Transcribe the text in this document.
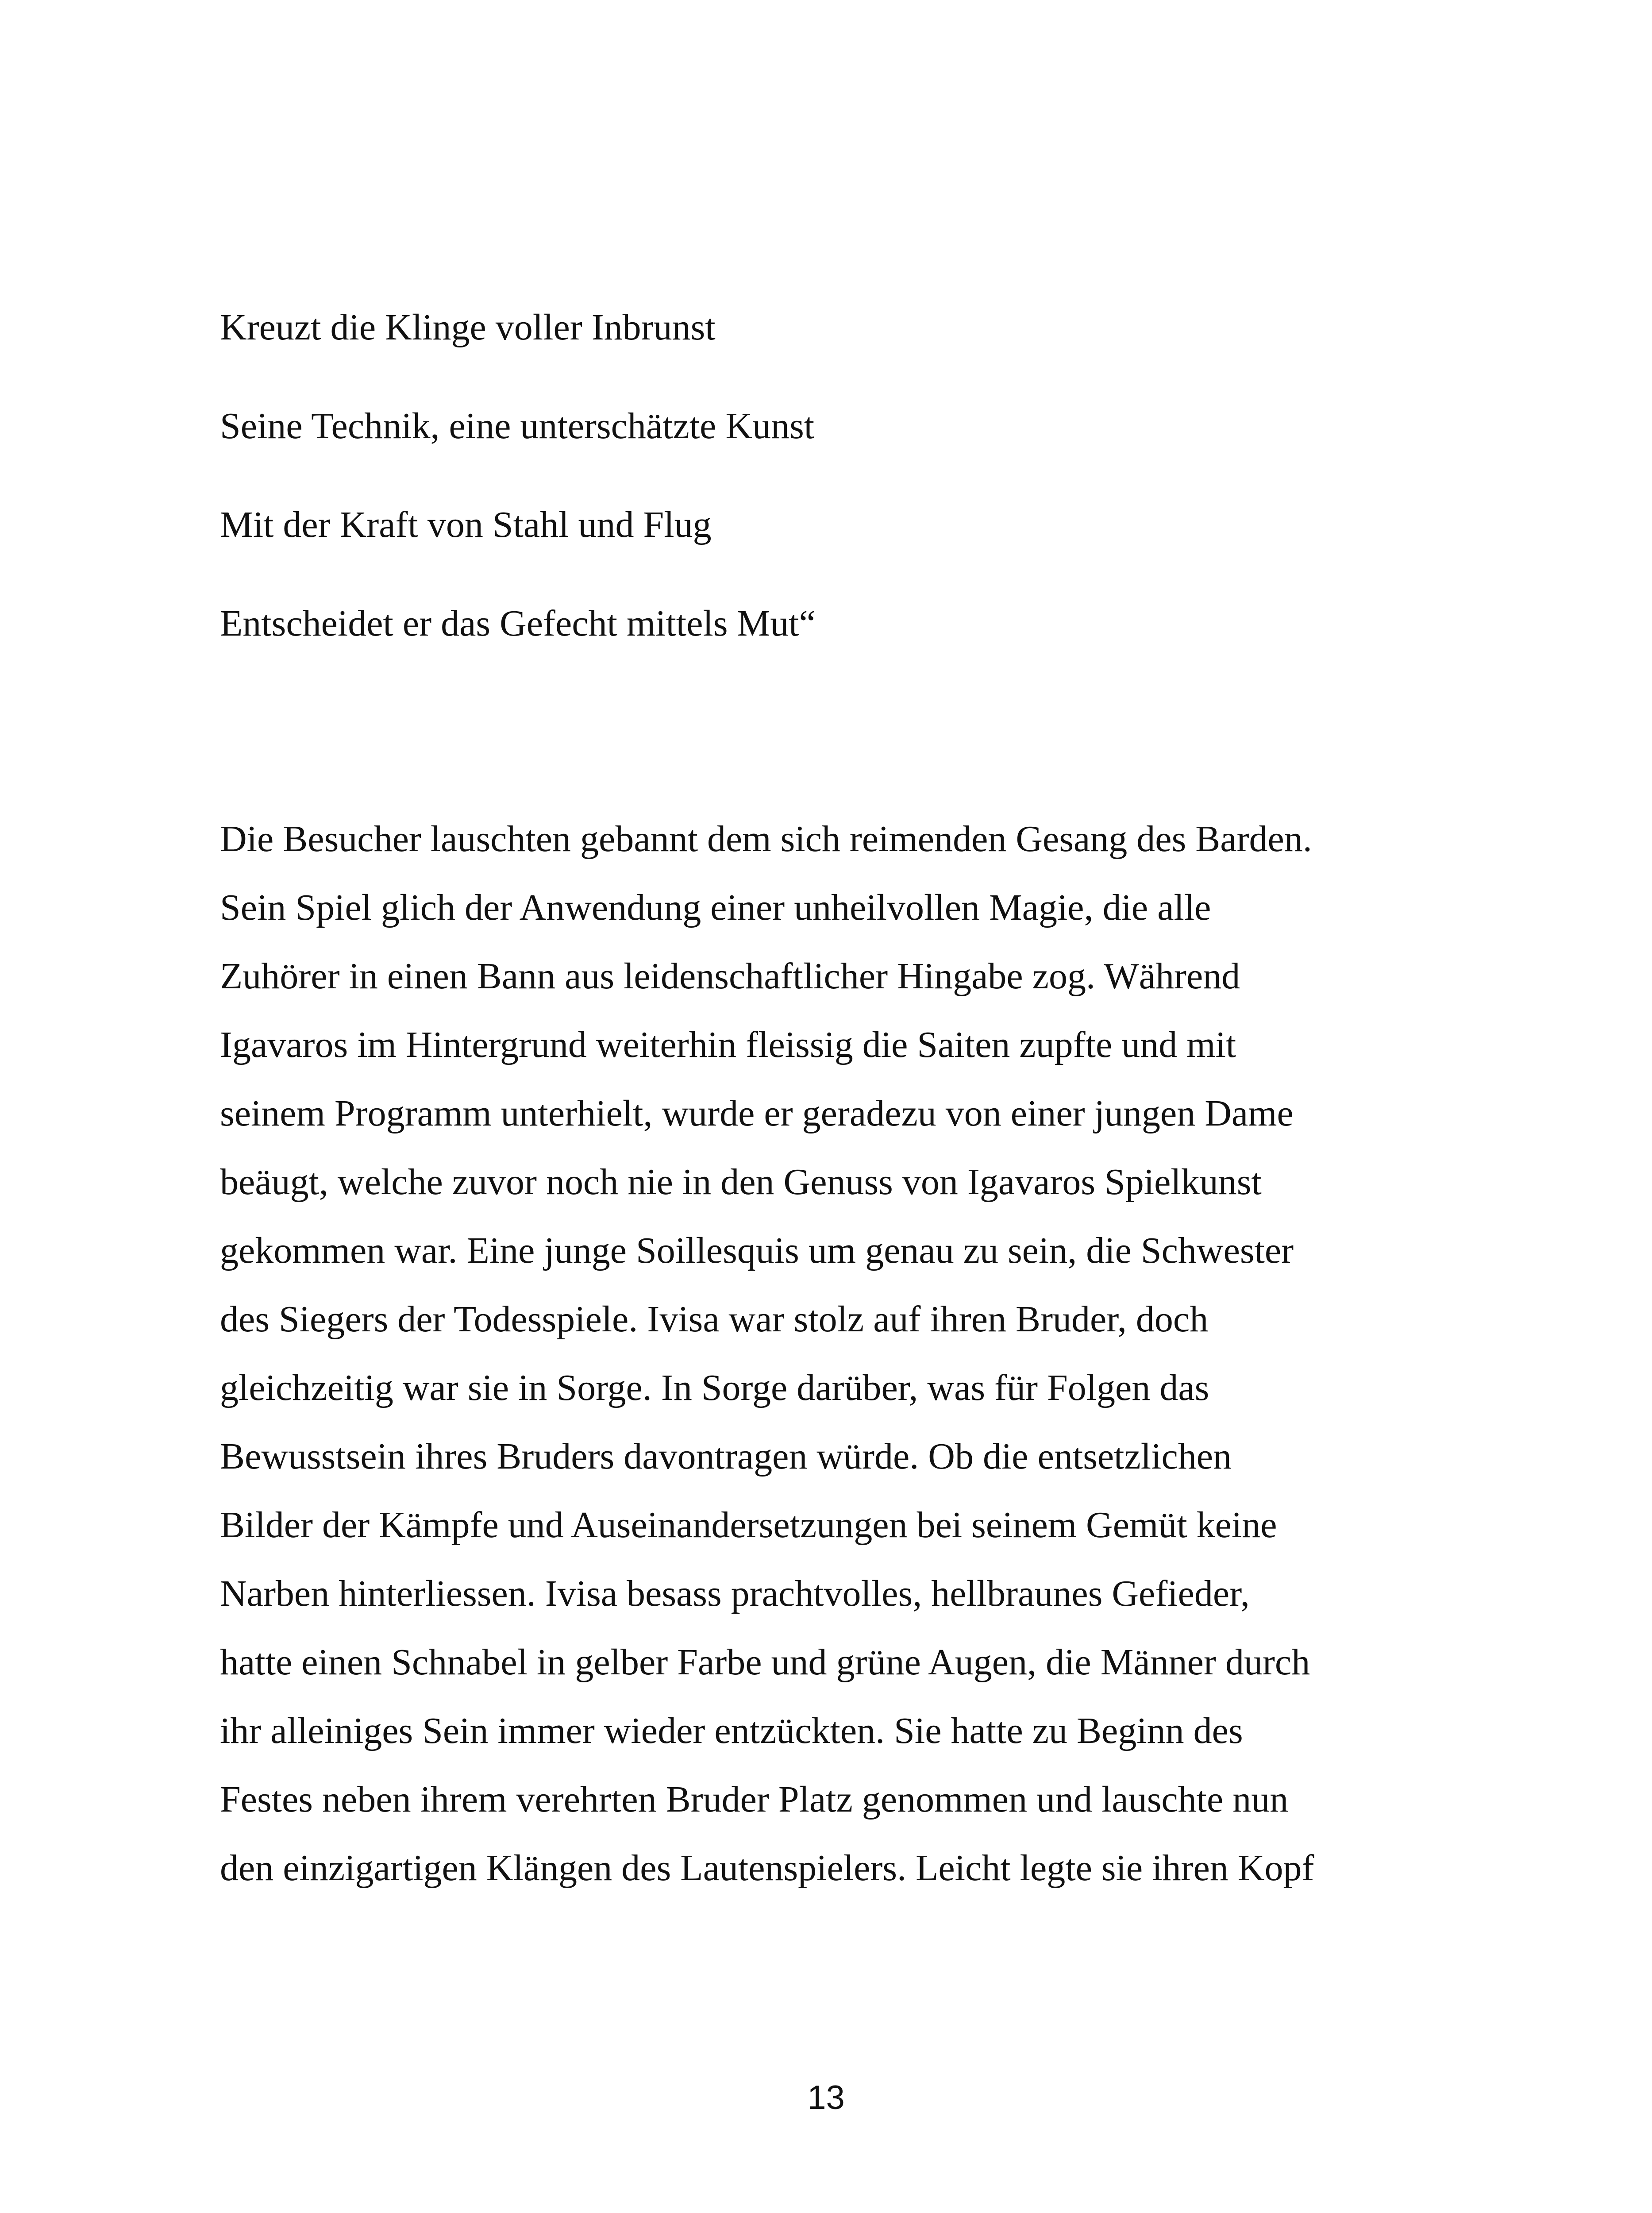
Kreuzt die Klinge voller Inbrunst
Seine Technik, eine unterschätzte Kunst
Mit der Kraft von Stahl und Flug
Entscheidet er das Gefecht mittels Mut“
Die Besucher lauschten gebannt dem sich reimenden Gesang des Barden.
Sein Spiel glich der Anwendung einer unheilvollen Magie, die alle
Zuhörer in einen Bann aus leidenschaftlicher Hingabe zog. Während
Igavaros im Hintergrund weiterhin fleissig die Saiten zupfte und mit
seinem Programm unterhielt, wurde er geradezu von einer jungen Dame
beäugt, welche zuvor noch nie in den Genuss von Igavaros Spielkunst
gekommen war. Eine junge Soillesquis um genau zu sein, die Schwester
des Siegers der Todesspiele. Ivisa war stolz auf ihren Bruder, doch
gleichzeitig war sie in Sorge. In Sorge darüber, was für Folgen das
Bewusstsein ihres Bruders davontragen würde. Ob die entsetzlichen
Bilder der Kämpfe und Auseinandersetzungen bei seinem Gemüt keine
Narben hinterliessen. Ivisa besass prachtvolles, hellbraunes Gefieder,
hatte einen Schnabel in gelber Farbe und grüne Augen, die Männer durch
ihr alleiniges Sein immer wieder entzückten. Sie hatte zu Beginn des
Festes neben ihrem verehrten Bruder Platz genommen und lauschte nun
den einzigartigen Klängen des Lautenspielers. Leicht legte sie ihren Kopf
13
